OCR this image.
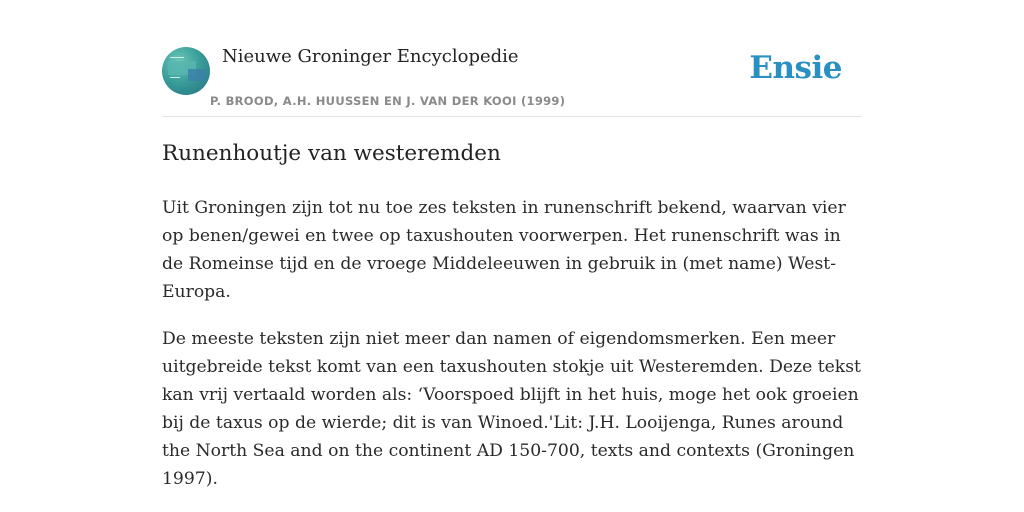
Nieuwe Groninger Encyclopedie
P. BROOD, A.H. HUUSSEN EN J. VAN DER KOOI (1999)
Ensie
Runenhoutje van westeremden

Uit Groningen zijn tot nu toe zes teksten in runenschrift bekend, waarvan vier op benen/gewei en twee op taxushouten voorwerpen. Het runenschrift was in de Romeinse tijd en de vroege Middeleeuwen in gebruik in (met name) West-Europa.

De meeste teksten zijn niet meer dan namen of eigendomsmerken. Een meer uitgebreide tekst komt van een taxushouten stokje uit Westeremden. Deze tekst kan vrij vertaald worden als: ‘Voorspoed blijft in het huis, moge het ook groeien bij de taxus op de wierde; dit is van Winoed.'Lit: J.H. Looijenga, Runes around the North Sea and on the continent AD 150-700, texts and contexts (Groningen 1997).
